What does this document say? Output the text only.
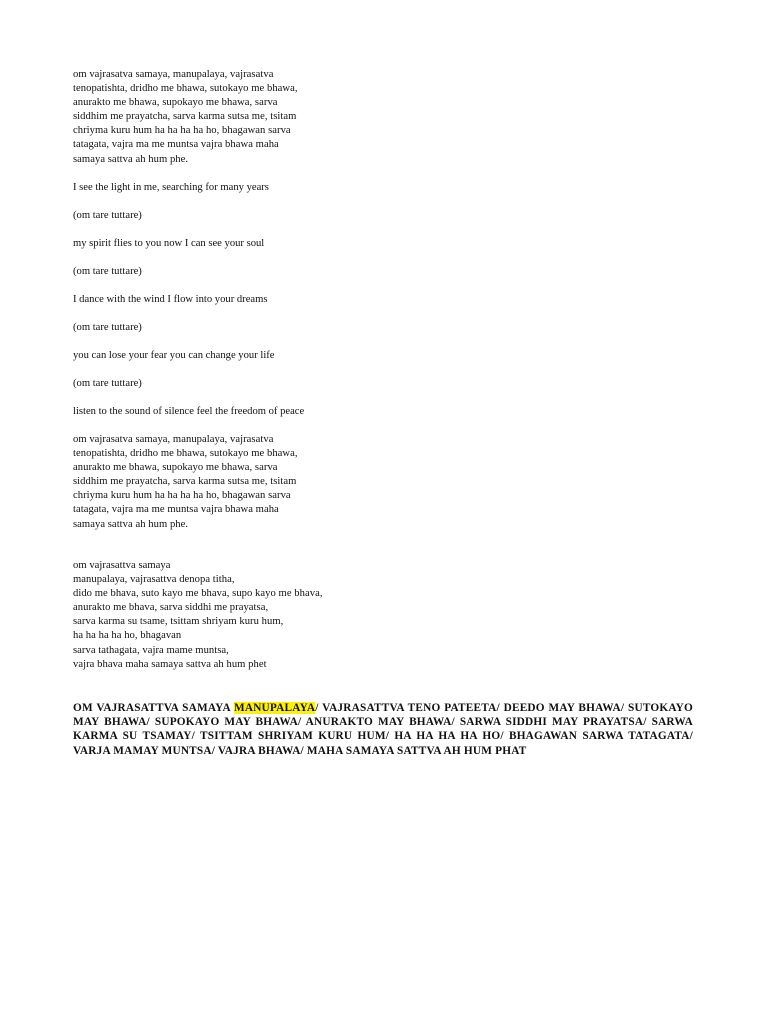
om vajrasatva samaya, manupalaya, vajrasatva
tenopatishta, dridho me bhawa, sutokayo me bhawa,
anurakto me bhawa, supokayo me bhawa, sarva
siddhim me prayatcha, sarva karma sutsa me, tsitam
chriyma kuru hum ha ha ha ha ho, bhagawan sarva
tatagata, vajra ma me muntsa vajra bhawa maha
samaya sattva ah hum phe.
I see the light in me, searching for many years
(om tare tuttare)
my spirit flies to you now I can see your soul
(om tare tuttare)
I dance with the wind I flow into your dreams
(om tare tuttare)
you can lose your fear you can change your life
(om tare tuttare)
listen to the sound of silence feel the freedom of peace
om vajrasatva samaya, manupalaya, vajrasatva
tenopatishta, dridho me bhawa, sutokayo me bhawa,
anurakto me bhawa, supokayo me bhawa, sarva
siddhim me prayatcha, sarva karma sutsa me, tsitam
chriyma kuru hum ha ha ha ha ho, bhagawan sarva
tatagata, vajra ma me muntsa vajra bhawa maha
samaya sattva ah hum phe.
om vajrasattva samaya
manupalaya, vajrasattva denopa titha,
dido me bhava, suto kayo me bhava, supo kayo me bhava,
anurakto me bhava, sarva siddhi me prayatsa,
sarva karma su tsame, tsittam shriyam kuru hum,
ha ha ha ha ho, bhagavan
sarva tathagata, vajra mame muntsa,
vajra bhava maha samaya sattva ah hum phet
OM VAJRASATTVA SAMAYA MANUPALAYA/ VAJRASATTVA TENO PATEETA/ DEEDO MAY BHAWA/ SUTOKAYO MAY BHAWA/ SUPOKAYO MAY BHAWA/ ANURAKTO MAY BHAWA/ SARWA SIDDHI MAY PRAYATSA/ SARWA KARMA SU TSAMAY/ TSITTAM SHRIYAM KURU HUM/ HA HA HA HA HO/ BHAGAWAN SARWA TATAGATA/ VARJA MAMAY MUNTSA/ VAJRA BHAWA/ MAHA SAMAYA SATTVA AH HUM PHAT
